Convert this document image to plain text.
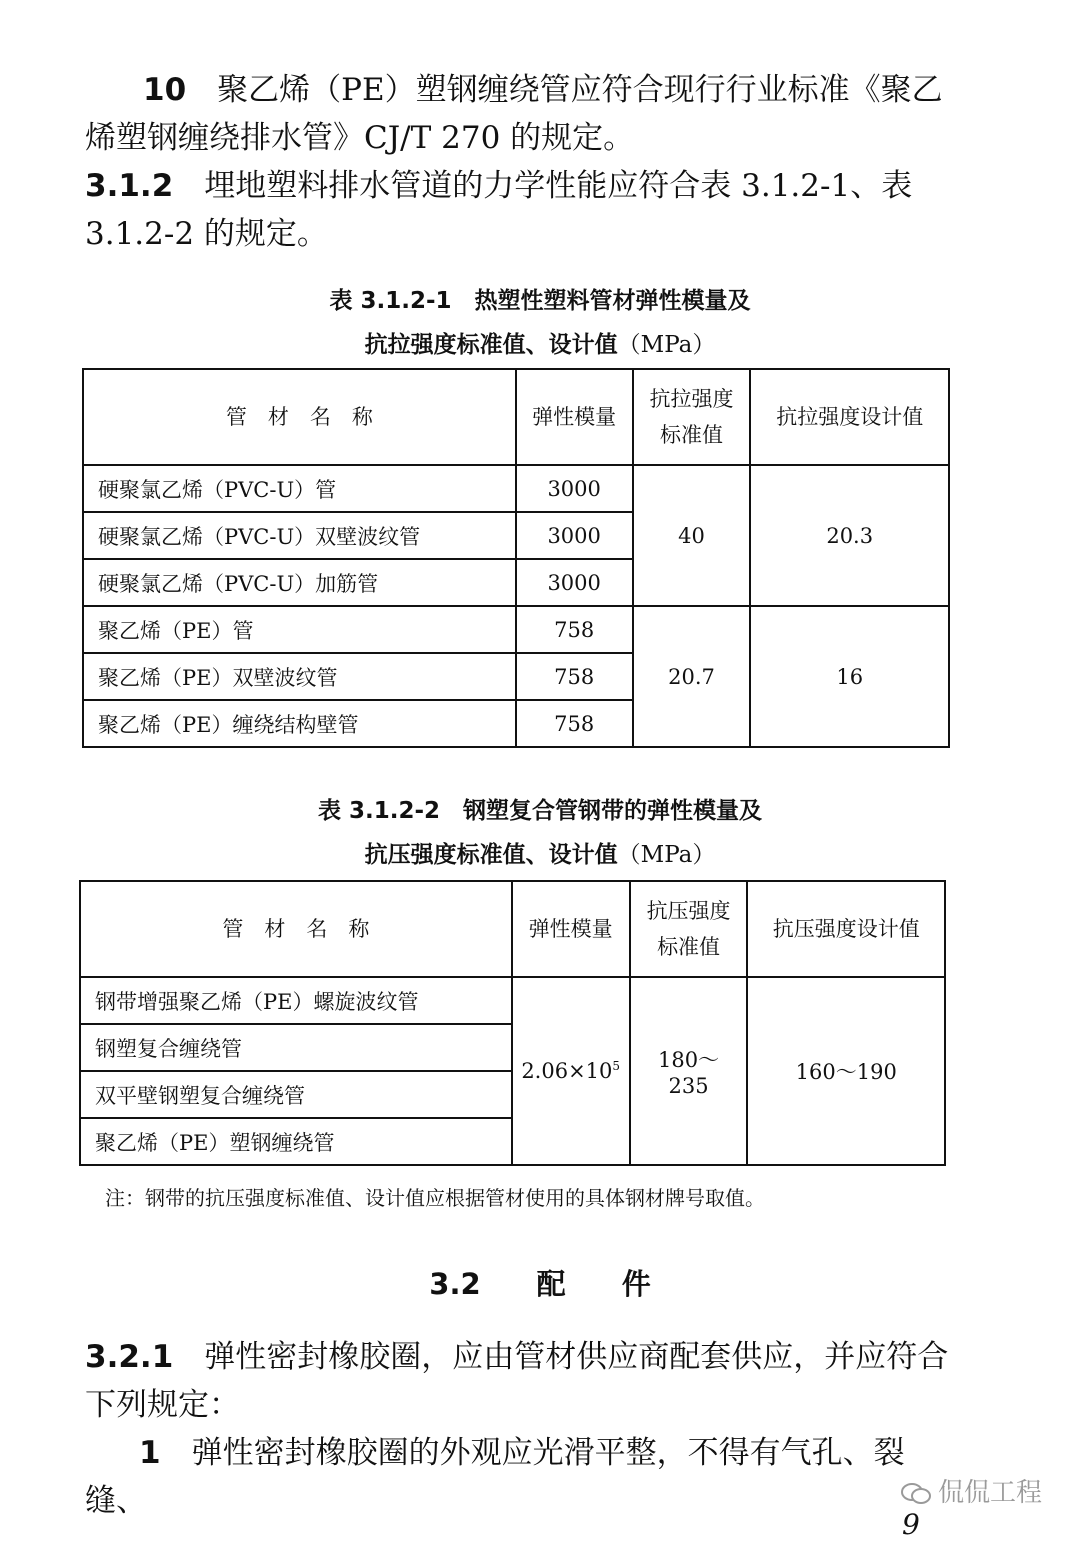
10　 聚乙烯（PE）塑钢缠绕管应符合现行行业标准《聚乙烯塑钢缠绕排水管》CJ/T 270 的规定。

3.1.2　 埋地塑料排水管道的力学性能应符合表 3.1.2-1、表 3.1.2-2 的规定。

表 3.1.2-1　热塑性塑料管材弹性模量及

抗拉强度标准值、设计值（MPa）

管　材　名　称	弹性模量	抗拉强度标准值	抗拉强度设计值
硬聚氯乙烯（PVC-U）管	3000	40	20.3
硬聚氯乙烯（PVC-U）双壁波纹管	3000		
硬聚氯乙烯（PVC-U）加筋管	3000		
聚乙烯（PE）管	758	20.7	16
聚乙烯（PE）双壁波纹管	758		
聚乙烯（PE）缠绕结构壁管	758		

表 3.1.2-2　钢塑复合管钢带的弹性模量及

抗压强度标准值、设计值（MPa）

管　材　名　称	弹性模量	抗压强度标准值	抗压强度设计值
钢带增强聚乙烯（PE）螺旋波纹管	$2.06\times 10^5$	180～235	160～190
钢塑复合缠绕管			
双平壁钢塑复合缠绕管			
聚乙烯（PE）塑钢缠绕管			

注：钢带的抗压强度标准值、设计值应根据管材使用的具体钢材牌号取值。

3.2 配 件

3.2.1　 弹性密封橡胶圈，应由管材供应商配套供应，并应符合下列规定：

1　 弹性密封橡胶圈的外观应光滑平整，不得有气孔、裂缝、	侃侃工程
9
